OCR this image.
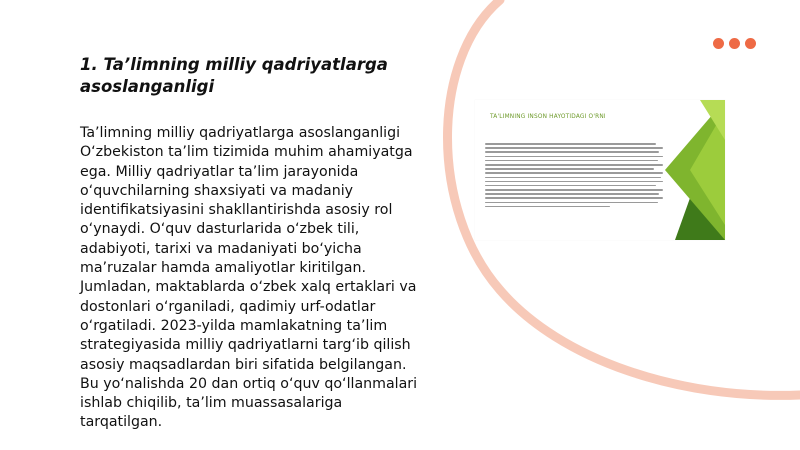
1. Ta’limning milliy qadriyatlarga asoslanganligi

Ta’limning milliy qadriyatlarga asoslanganligi O‘zbekiston ta’lim tizimida muhim ahamiyatga ega. Milliy qadriyatlar ta’lim jarayonida o‘quvchilarning shaxsiyati va madaniy identifikatsiyasini shakllantirishda asosiy rol o‘ynaydi. O‘quv dasturlarida o‘zbek tili, adabiyoti, tarixi va madaniyati bo‘yicha ma’ruzalar hamda amaliyotlar kiritilgan. Jumladan, maktablarda o‘zbek xalq ertaklari va dostonlari o‘rganiladi, qadimiy urf-odatlar o‘rgatiladi. 2023-yilda mamlakatning ta’lim strategiyasida milliy qadriyatlarni targ‘ib qilish asosiy maqsadlardan biri sifatida belgilangan. Bu yo‘nalishda 20 dan ortiq o‘quv qo‘llanmalari ishlab chiqilib, ta’lim muassasalariga tarqatilgan.

TA'LIMNING INSON HAYOTIDAGI O'RNI
